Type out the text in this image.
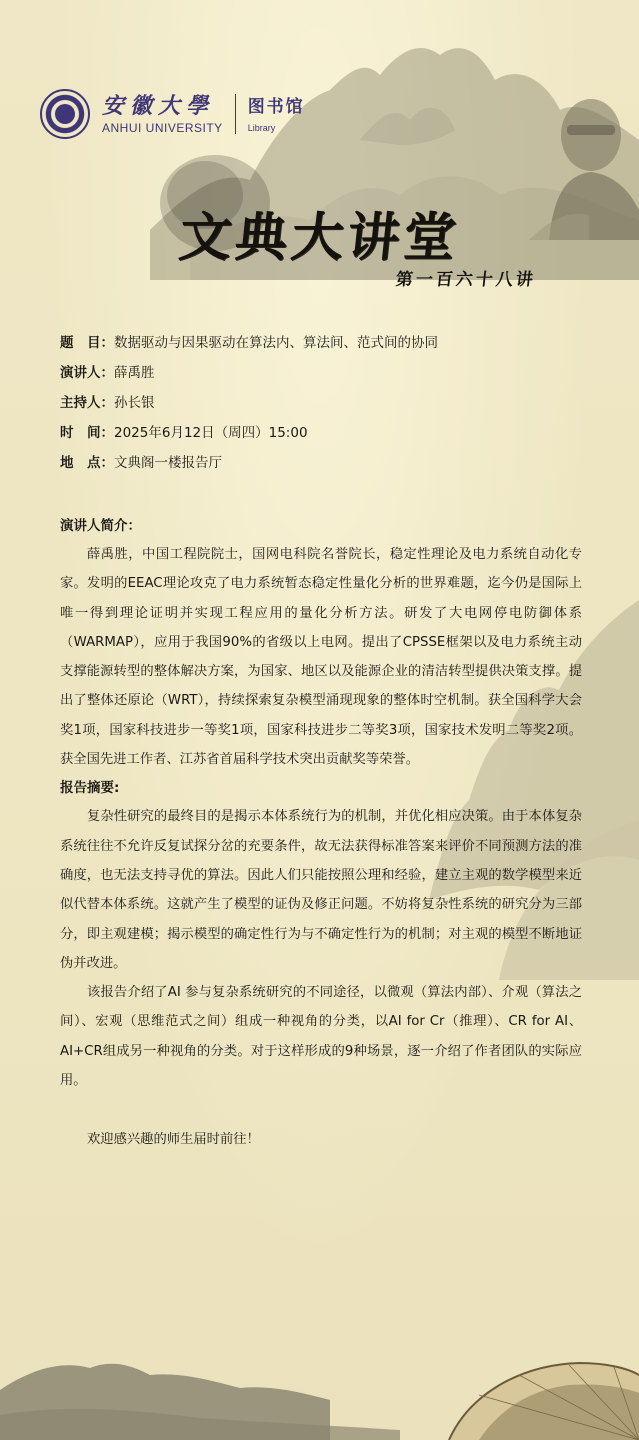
安徽大學
ANHUI UNIVERSITY
图书馆
Library
文典大讲堂
第一百六十八讲
题　目：数据驱动与因果驱动在算法内、算法间、范式间的协同
演讲人：薛禹胜
主持人：孙长银
时　间：2025年6月12日（周四）15:00
地　点：文典阁一楼报告厅
演讲人简介：

薛禹胜，中国工程院院士，国网电科院名誉院长，稳定性理论及电力系统自动化专家。发明的EEAC理论攻克了电力系统暂态稳定性量化分析的世界难题，迄今仍是国际上唯一得到理论证明并实现工程应用的量化分析方法。研发了大电网停电防御体系（WARMAP），应用于我国90%的省级以上电网。提出了CPSSE框架以及电力系统主动支撑能源转型的整体解决方案，为国家、地区以及能源企业的清洁转型提供决策支撑。提出了整体还原论（WRT），持续探索复杂模型涌现现象的整体时空机制。获全国科学大会奖1项，国家科技进步一等奖1项，国家科技进步二等奖3项，国家技术发明二等奖2项。获全国先进工作者、江苏省首届科学技术突出贡献奖等荣誉。

报告摘要:

复杂性研究的最终目的是揭示本体系统行为的机制，并优化相应决策。由于本体复杂系统往往不允许反复试探分岔的充要条件，故无法获得标准答案来评价不同预测方法的准确度，也无法支持寻优的算法。因此人们只能按照公理和经验，建立主观的数学模型来近似代替本体系统。这就产生了模型的证伪及修正问题。不妨将复杂性系统的研究分为三部分，即主观建模；揭示模型的确定性行为与不确定性行为的机制；对主观的模型不断地证伪并改进。

该报告介绍了AI 参与复杂系统研究的不同途径，以微观（算法内部）、介观（算法之间）、宏观（思维范式之间）组成一种视角的分类，以AI for Cr（推理）、CR for AI、AI+CR组成另一种视角的分类。对于这样形成的9种场景，逐一介绍了作者团队的实际应用。

欢迎感兴趣的师生届时前往！
